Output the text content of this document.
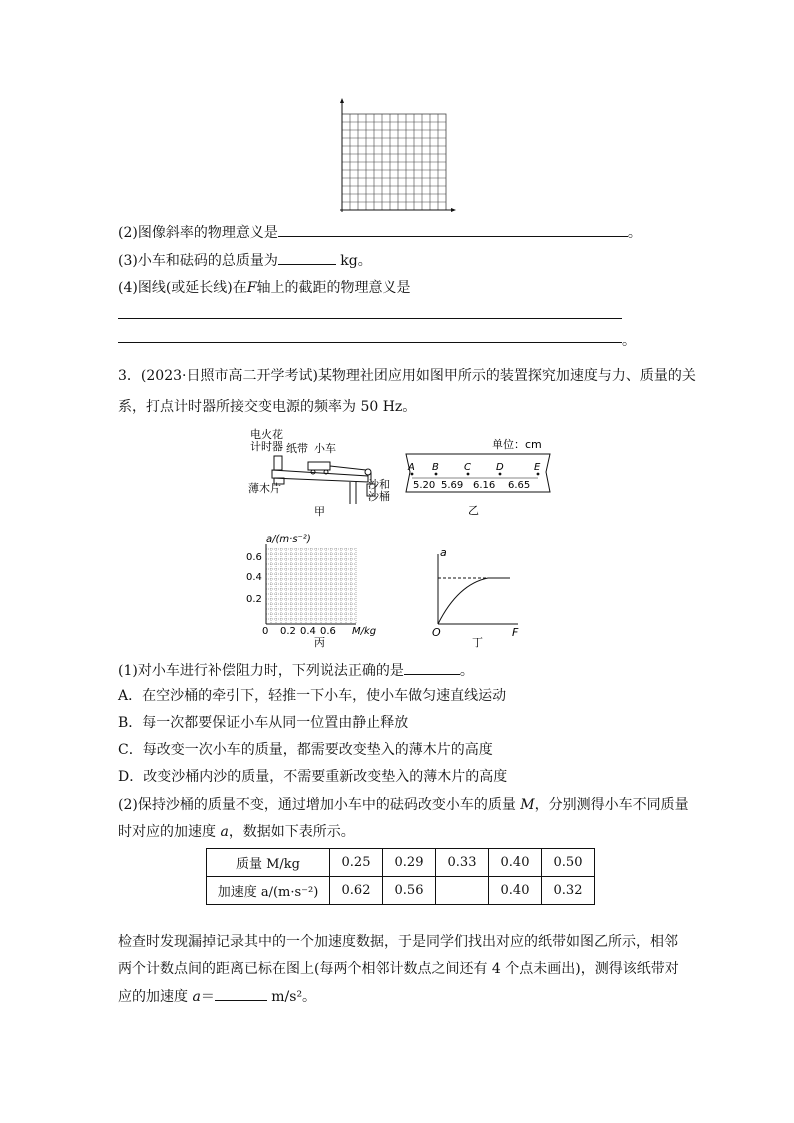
(2)图像斜率的物理意义是	。
(3)小车和砝码的总质量为	kg。
(4)图线(或延长线)在F轴上的截距的物理意义是
。
3．(2023·日照市高二开学考试)某物理社团应用如图甲所示的装置探究加速度与力、质量的关
系，打点计时器所接交变电源的频率为 50 Hz。
电火花
计时器 纸带 小车
薄木片	沙和
沙桶
甲
单位：cm
A B	C	D	E
5.20 5.69 6.16 6.65
乙
a/(m·s⁻²)
0.6
0.4
0.2
0 0.2 0.4 0.6 M/kg
丙
a
O	F
丁
(1)对小车进行补偿阻力时，下列说法正确的是	。
A．在空沙桶的牵引下，轻推一下小车，使小车做匀速直线运动
B．每一次都要保证小车从同一位置由静止释放
C．每改变一次小车的质量，都需要改变垫入的薄木片的高度
D．改变沙桶内沙的质量，不需要重新改变垫入的薄木片的高度
(2)保持沙桶的质量不变，通过增加小车中的砝码改变小车的质量 M，分别测得小车不同质量
时对应的加速度 a，数据如下表所示。
质量 M/kg	0.25	0.29	0.33	0.40	0.50
加速度 a/(m·s⁻²)	0.62	0.56		0.40	0.32
检查时发现漏掉记录其中的一个加速度数据，于是同学们找出对应的纸带如图乙所示，相邻
两个计数点间的距离已标在图上(每两个相邻计数点之间还有 4 个点未画出)，测得该纸带对
应的加速度 a＝	m/s²。
